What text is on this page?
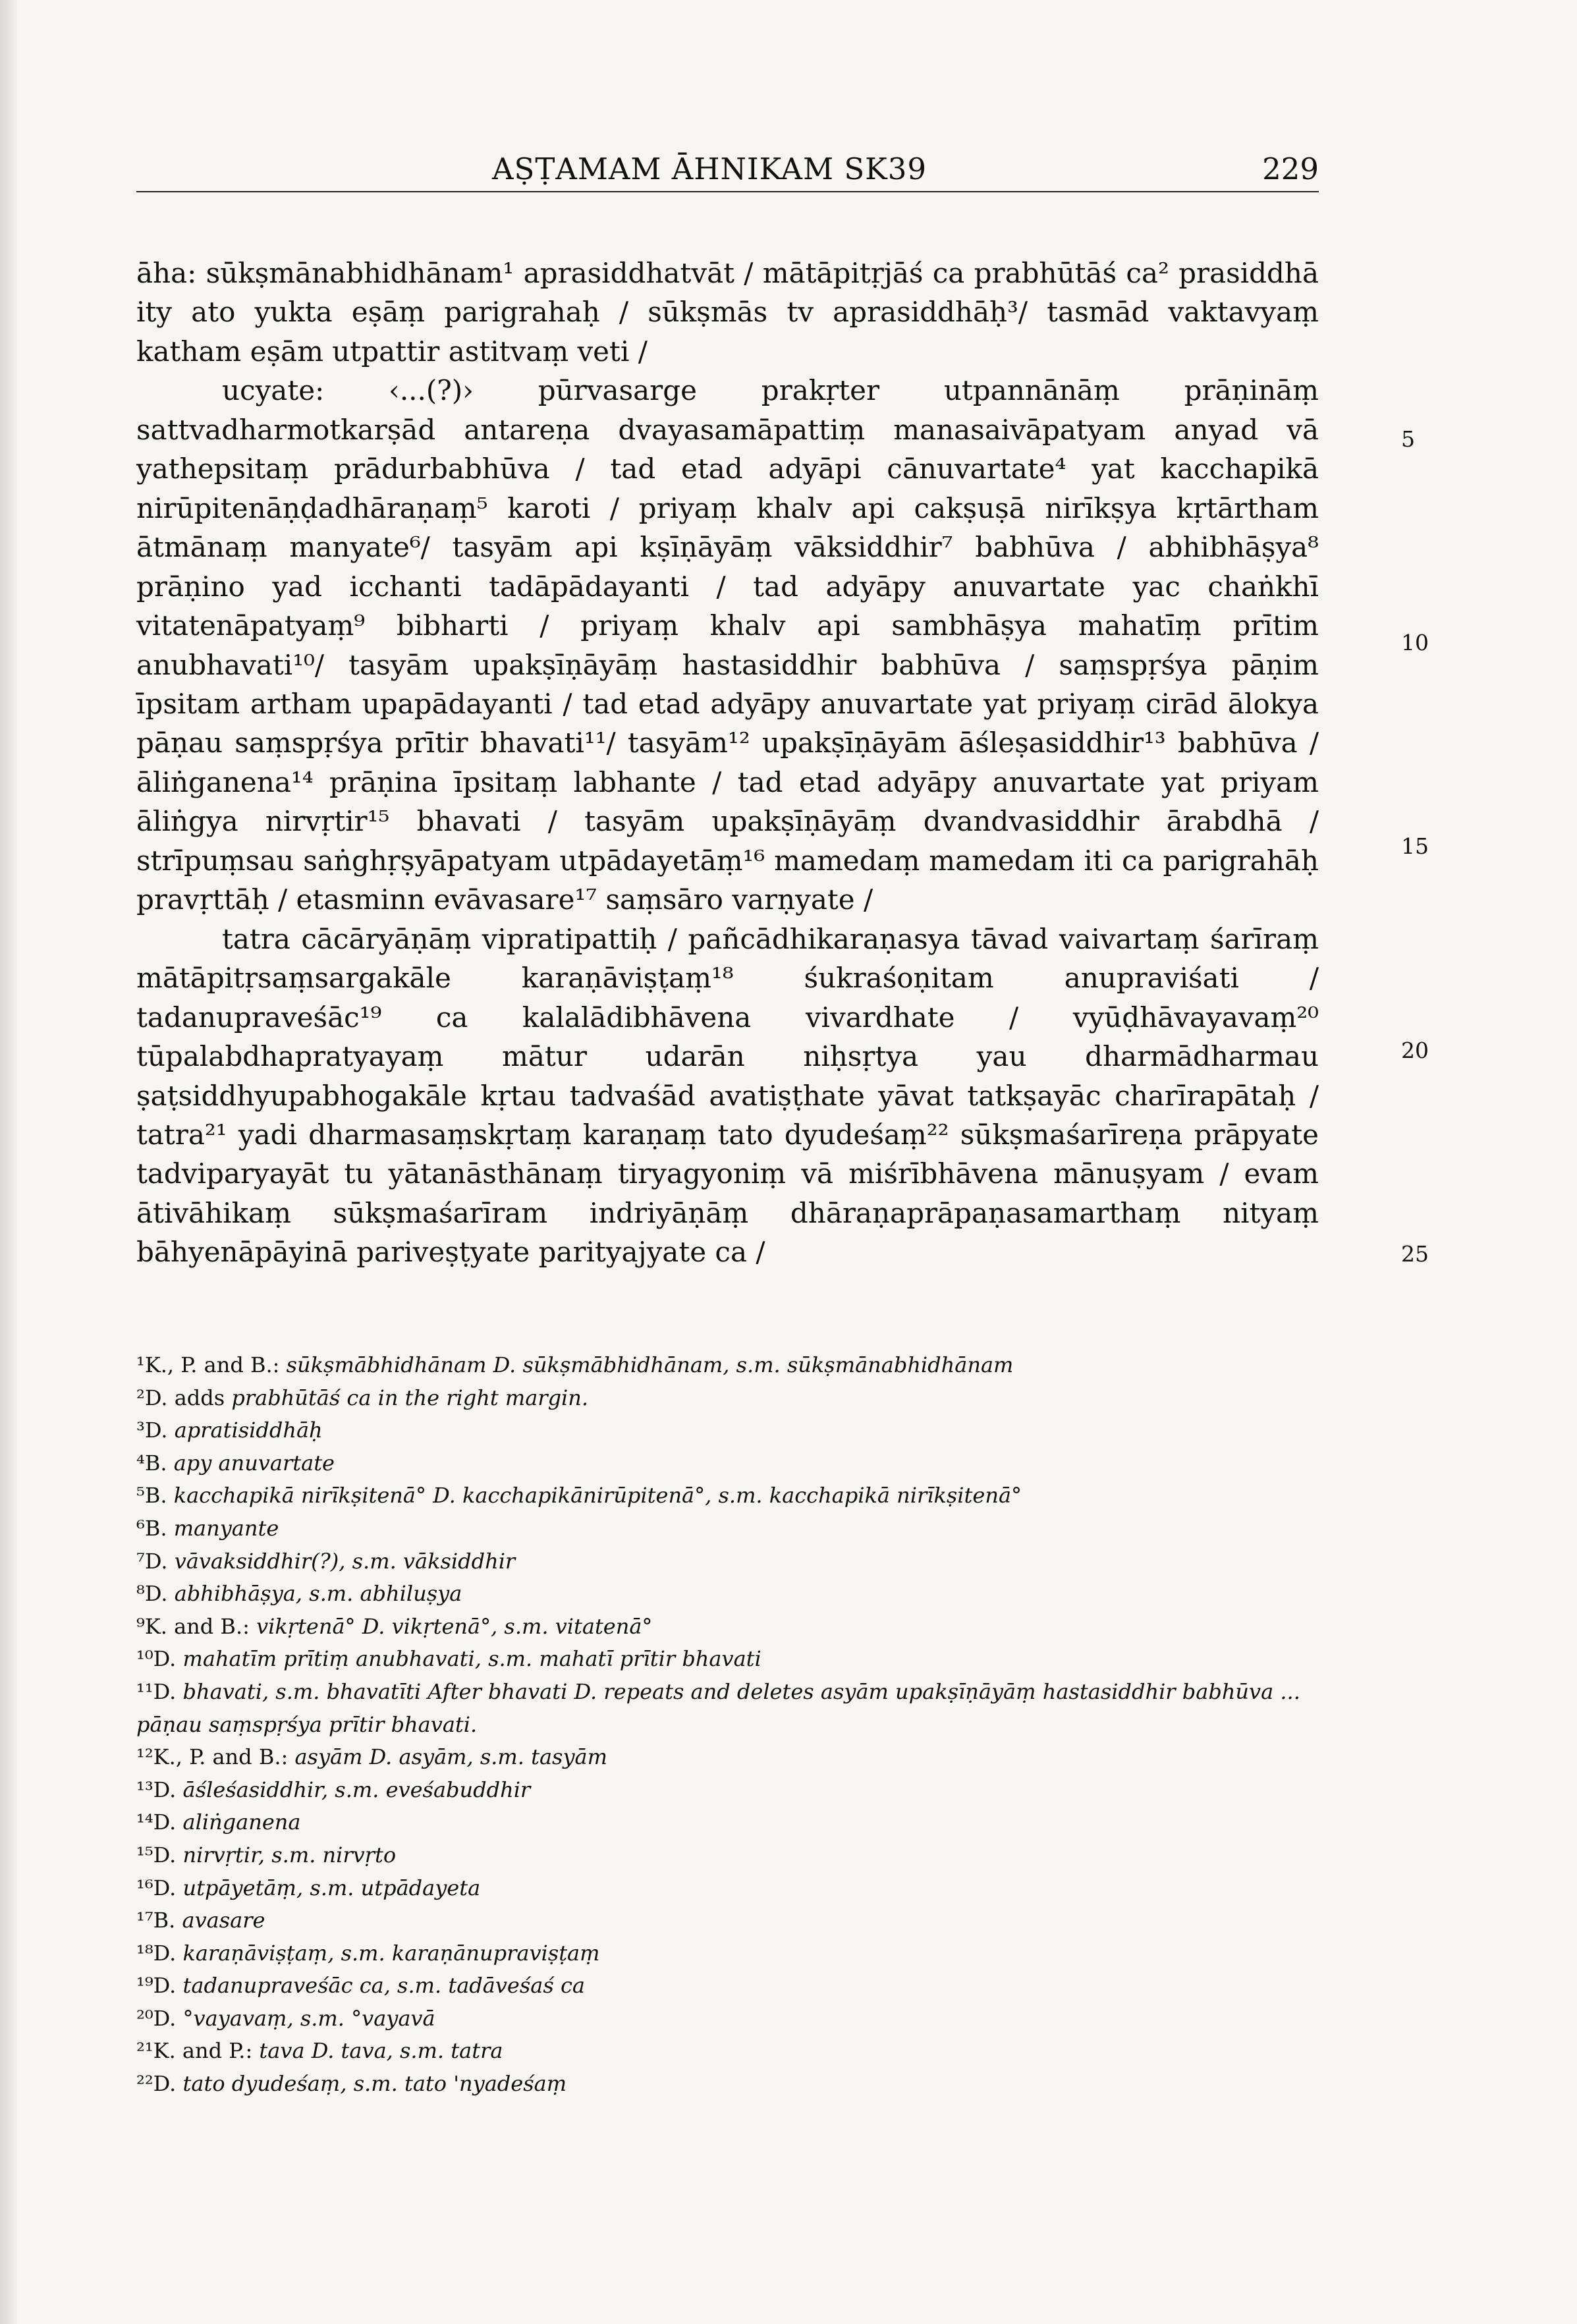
AṢṬAMAM ĀHNIKAM SK39	229

āha: sūkṣmānabhidhānam¹ aprasiddhatvāt / mātāpitṛjāś ca prabhūtāś ca² prasiddhā ity ato yukta eṣāṃ parigrahaḥ / sūkṣmās tv aprasiddhāḥ³/ tasmād vaktavyaṃ katham eṣām utpattir astitvaṃ veti /

ucyate: ‹...(?)› pūrvasarge prakṛter utpannānāṃ prāṇināṃ sattvadharmotkarṣād antareṇa dvayasamāpattiṃ manasaivāpatyam anyad vā yathepsitaṃ prādurbabhūva / tad etad adyāpi cānuvartate⁴ yat kacchapikā nirūpitenāṇḍadhāraṇaṃ⁵ karoti / priyaṃ khalv api cakṣuṣā nirīkṣya kṛtārtham ātmānaṃ manyate⁶/ tasyām api kṣīṇāyāṃ vāksiddhir⁷ babhūva / abhibhāṣya⁸ prāṇino yad icchanti tadāpādayanti / tad adyāpy anuvartate yac chaṅkhī vitatenāpatyaṃ⁹ bibharti / priyaṃ khalv api sambhāṣya mahatīṃ prītim anubhavati¹⁰/ tasyām upakṣīṇāyāṃ hastasiddhir babhūva / saṃspṛśya pāṇim īpsitam artham upapādayanti / tad etad adyāpy anuvartate yat priyaṃ cirād ālokya pāṇau saṃspṛśya prītir bhavati¹¹/ tasyām¹² upakṣīṇāyām āśleṣasiddhir¹³ babhūva / āliṅganena¹⁴ prāṇina īpsitaṃ labhante / tad etad adyāpy anuvartate yat priyam āliṅgya nirvṛtir¹⁵ bhavati / tasyām upakṣīṇāyāṃ dvandvasiddhir ārabdhā / strīpuṃsau saṅghṛṣyāpatyam utpādayetāṃ¹⁶ mamedaṃ mamedam iti ca parigrahāḥ pravṛttāḥ / etasminn evāvasare¹⁷ saṃsāro varṇyate /

tatra cācāryāṇāṃ vipratipattiḥ / pañcādhikaraṇasya tāvad vaivartaṃ śarīraṃ mātāpitṛsaṃsargakāle karaṇāviṣṭaṃ¹⁸ śukraśoṇitam anupraviśati / tadanupraveśāc¹⁹ ca kalalādibhāvena vivardhate / vyūḍhāvayavaṃ²⁰ tūpalabdhapratyayaṃ mātur udarān niḥsṛtya yau dharmādharmau ṣaṭsiddhyupabhogakāle kṛtau tadvaśād avatiṣṭhate yāvat tatkṣayāc charīrapātaḥ / tatra²¹ yadi dharmasaṃskṛtaṃ karaṇaṃ tato dyudeśaṃ²² sūkṣmaśarīreṇa prāpyate tadviparyayāt tu yātanāsthānaṃ tiryagyoniṃ vā miśrībhāvena mānuṣyam / evam ātivāhikaṃ sūkṣmaśarīram indriyāṇāṃ dhāraṇaprāpaṇasamarthaṃ nityaṃ bāhyenāpāyinā pariveṣṭyate parityajyate ca /

5
10
15
20
25
¹K., P. and B.: sūkṣmābhidhānam D. sūkṣmābhidhānam, s.m. sūkṣmānabhidhānam
²D. adds prabhūtāś ca in the right margin.
³D. apratisiddhāḥ
⁴B. apy anuvartate
⁵B. kacchapikā nirīkṣitenā° D. kacchapikānirūpitenā°, s.m. kacchapikā nirīkṣitenā°
⁶B. manyante
⁷D. vāvaksiddhir(?), s.m. vāksiddhir
⁸D. abhibhāṣya, s.m. abhiluṣya
⁹K. and B.: vikṛtenā° D. vikṛtenā°, s.m. vitatenā°
¹⁰D. mahatīm prītiṃ anubhavati, s.m. mahatī prītir bhavati
¹¹D. bhavati, s.m. bhavatīti After bhavati D. repeats and deletes asyām upakṣīṇāyāṃ hastasiddhir babhūva ... pāṇau saṃspṛśya prītir bhavati.
¹²K., P. and B.: asyām D. asyām, s.m. tasyām
¹³D. āśleśasiddhir, s.m. eveśabuddhir
¹⁴D. aliṅganena
¹⁵D. nirvṛtir, s.m. nirvṛto
¹⁶D. utpāyetāṃ, s.m. utpādayeta
¹⁷B. avasare
¹⁸D. karaṇāviṣṭaṃ, s.m. karaṇānupraviṣṭaṃ
¹⁹D. tadanupraveśāc ca, s.m. tadāveśaś ca
²⁰D. °vayavaṃ, s.m. °vayavā
²¹K. and P.: tava D. tava, s.m. tatra
²²D. tato dyudeśaṃ, s.m. tato 'nyadeśaṃ
